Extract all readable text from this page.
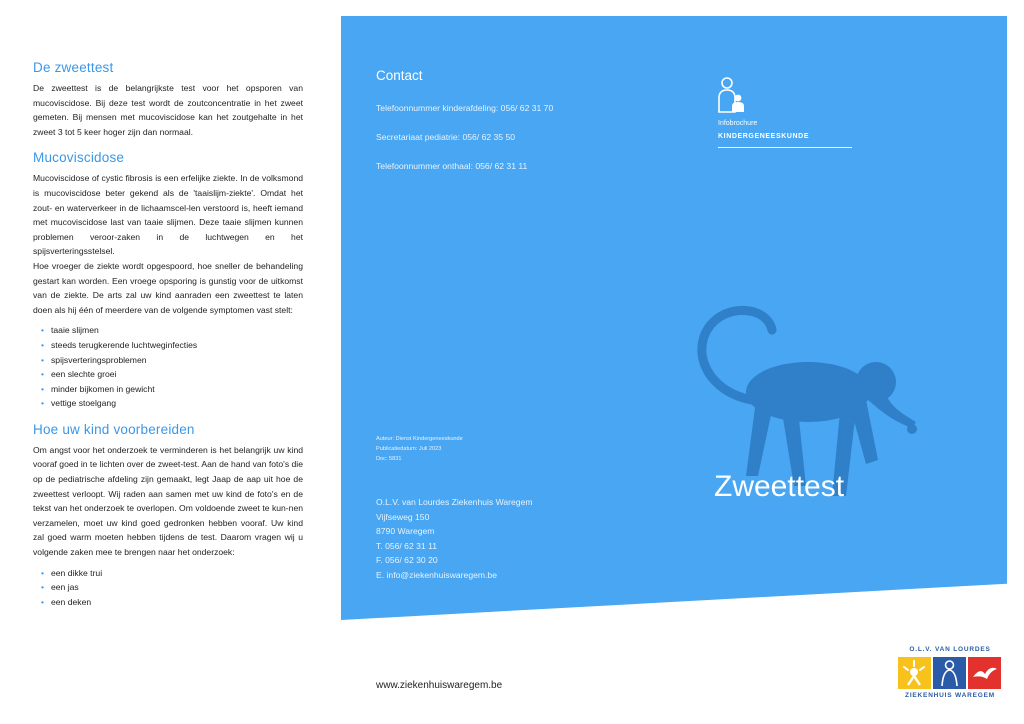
De zweettest

De zweettest is de belangrijkste test voor het opsporen van mucoviscidose. Bij deze test wordt de zoutconcentratie in het zweet gemeten. Bij mensen met mucoviscidose kan het zoutgehalte in het zweet 3 tot 5 keer hoger zijn dan normaal.

Mucoviscidose

Mucoviscidose of cystic fibrosis is een erfelijke ziekte. In de volksmond is mucoviscidose beter gekend als de 'taaislijm-ziekte'. Omdat het zout- en waterverkeer in de lichaamscel-len verstoord is, heeft iemand met mucoviscidose last van taaie slijmen. Deze taaie slijmen kunnen problemen veroor-zaken in de luchtwegen en het spijsverteringsstelsel.

Hoe vroeger de ziekte wordt opgespoord, hoe sneller de behandeling gestart kan worden. Een vroege opsporing is gunstig voor de uitkomst van de ziekte. De arts zal uw kind aanraden een zweettest te laten doen als hij één of meerdere van de volgende symptomen vast stelt:

• taaie slijmen
• steeds terugkerende luchtweginfecties
• spijsverteringsproblemen
• een slechte groei
• minder bijkomen in gewicht
• vettige stoelgang
Hoe uw kind voorbereiden

Om angst voor het onderzoek te verminderen is het belangrijk uw kind vooraf goed in te lichten over de zweet-test. Aan de hand van foto's die op de pediatrische afdeling zijn gemaakt, legt Jaap de aap uit hoe de zweettest verloopt. Wij raden aan samen met uw kind de foto's en de tekst van het onderzoek te overlopen. Om voldoende zweet te kun-nen verzamelen, moet uw kind goed gedronken hebben vooraf. Uw kind zal goed warm moeten hebben tijdens de test. Daarom vragen wij u volgende zaken mee te brengen naar het onderzoek:

• een dikke trui
• een jas
• een deken
Contact
Telefoonnummer kinderafdeling: 056/ 62 31 70
Secretariaat pediatrie: 056/ 62 35 50
Telefoonnummer onthaal: 056/ 62 31 11
Infobrochure
KINDERGENEESKUNDE
Auteur: Dienst Kindergeneeskunde
Publicatiedatum: Juli 2023
Doc: 5831
Zweettest
O.L.V. van Lourdes Ziekenhuis Waregem
Vijfseweg 150
8790 Waregem
T. 056/ 62 31 11
F. 056/ 62 30 20
E. info@ziekenhuiswaregem.be
www.ziekenhuiswaregem.be
O.L.V. VAN LOURDES
ZIEKENHUIS WAREGEM
